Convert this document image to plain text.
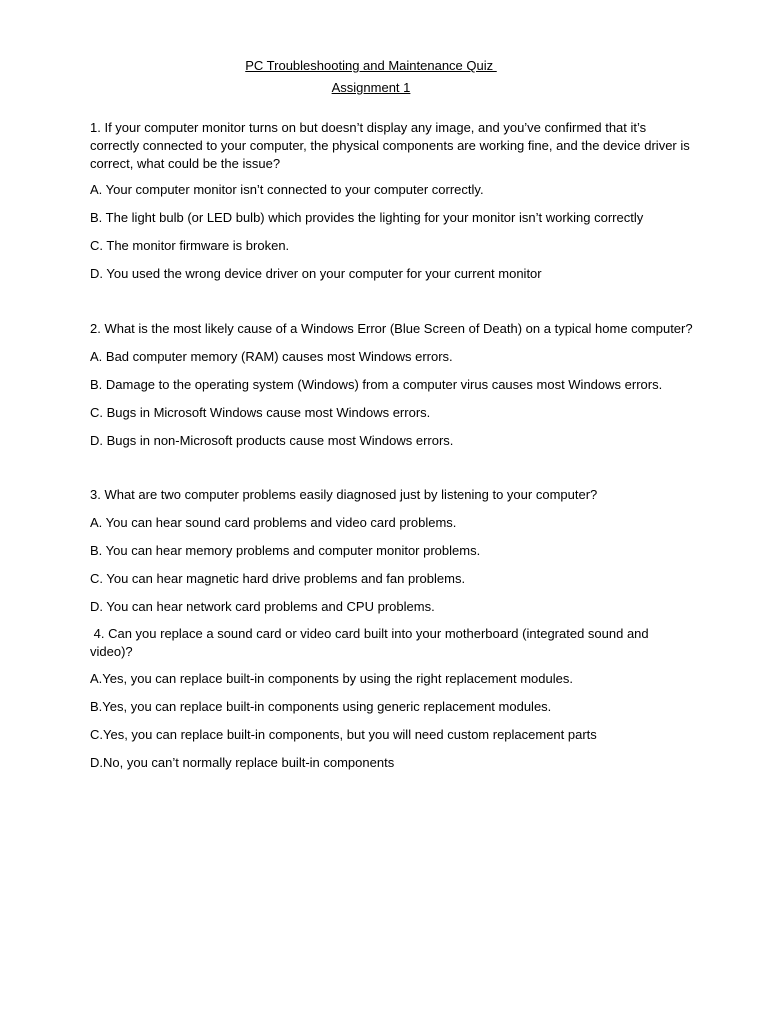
PC Troubleshooting and Maintenance Quiz
Assignment 1
1. If your computer monitor turns on but doesn’t display any image, and you’ve confirmed that it’s correctly connected to your computer, the physical components are working fine, and the device driver is correct, what could be the issue?
A. Your computer monitor isn’t connected to your computer correctly.
B. The light bulb (or LED bulb) which provides the lighting for your monitor isn’t working correctly
C. The monitor firmware is broken.
D. You used the wrong device driver on your computer for your current monitor
2. What is the most likely cause of a Windows Error (Blue Screen of Death) on a typical home computer?
A. Bad computer memory (RAM) causes most Windows errors.
B. Damage to the operating system (Windows) from a computer virus causes most Windows errors.
C. Bugs in Microsoft Windows cause most Windows errors.
D. Bugs in non-Microsoft products cause most Windows errors.
3. What are two computer problems easily diagnosed just by listening to your computer?
A. You can hear sound card problems and video card problems.
B. You can hear memory problems and computer monitor problems.
C. You can hear magnetic hard drive problems and fan problems.
D. You can hear network card problems and CPU problems.
4. Can you replace a sound card or video card built into your motherboard (integrated sound and video)?
A.Yes, you can replace built-in components by using the right replacement modules.
B.Yes, you can replace built-in components using generic replacement modules.
C.Yes, you can replace built-in components, but you will need custom replacement parts
D.No, you can’t normally replace built-in components
